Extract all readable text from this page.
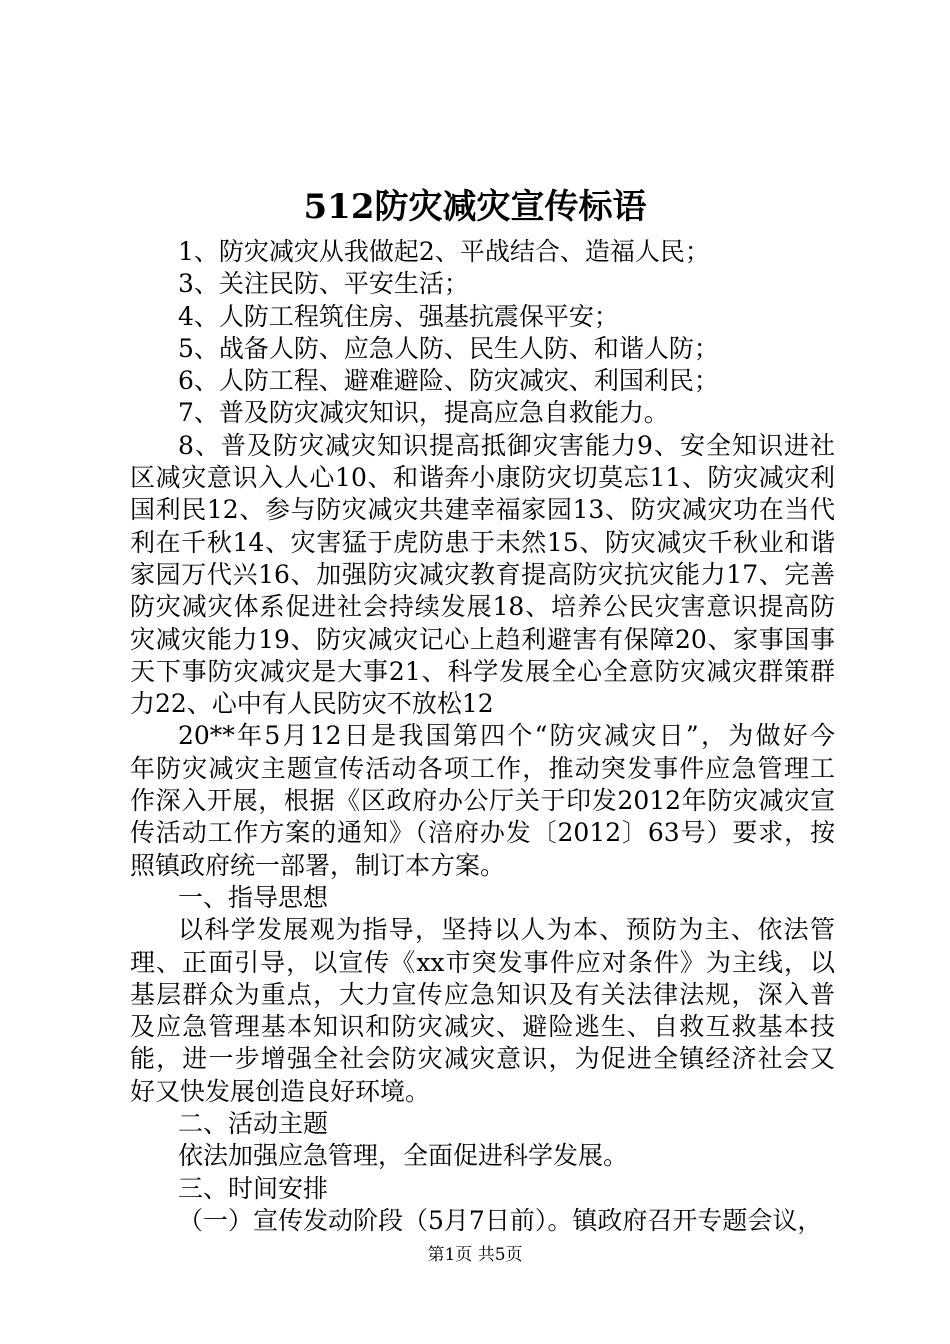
512防灾减灾宣传标语

1、防灾减灾从我做起2、平战结合、造福人民；

3、关注民防、平安生活；

4、人防工程筑住房、强基抗震保平安；

5、战备人防、应急人防、民生人防、和谐人防；

6、人防工程、避难避险、防灾减灾、利国利民；

7、普及防灾减灾知识，提高应急自救能力。

8、普及防灾减灾知识提高抵御灾害能力9、安全知识进社

区减灾意识入人心10、和谐奔小康防灾切莫忘11、防灾减灾利

国利民12、参与防灾减灾共建幸福家园13、防灾减灾功在当代

利在千秋14、灾害猛于虎防患于未然15、防灾减灾千秋业和谐

家园万代兴16、加强防灾减灾教育提高防灾抗灾能力17、完善

防灾减灾体系促进社会持续发展18、培养公民灾害意识提高防

灾减灾能力19、防灾减灾记心上趋利避害有保障20、家事国事

天下事防灾减灾是大事21、科学发展全心全意防灾减灾群策群

力22、心中有人民防灾不放松12

20**年5月12日是我国第四个“防灾减灾日”，为做好今

年防灾减灾主题宣传活动各项工作，推动突发事件应急管理工

作深入开展，根据《区政府办公厅关于印发2012年防灾减灾宣

传活动工作方案的通知》（涪府办发〔2012〕63号）要求，按

照镇政府统一部署，制订本方案。

一、指导思想

以科学发展观为指导，坚持以人为本、预防为主、依法管

理、正面引导，以宣传《xx市突发事件应对条件》为主线，以

基层群众为重点，大力宣传应急知识及有关法律法规，深入普

及应急管理基本知识和防灾减灾、避险逃生、自救互救基本技

能，进一步增强全社会防灾减灾意识，为促进全镇经济社会又

好又快发展创造良好环境。

二、活动主题

依法加强应急管理，全面促进科学发展。

三、时间安排

（一）宣传发动阶段（5月7日前）。镇政府召开专题会议，

第1页 共5页
